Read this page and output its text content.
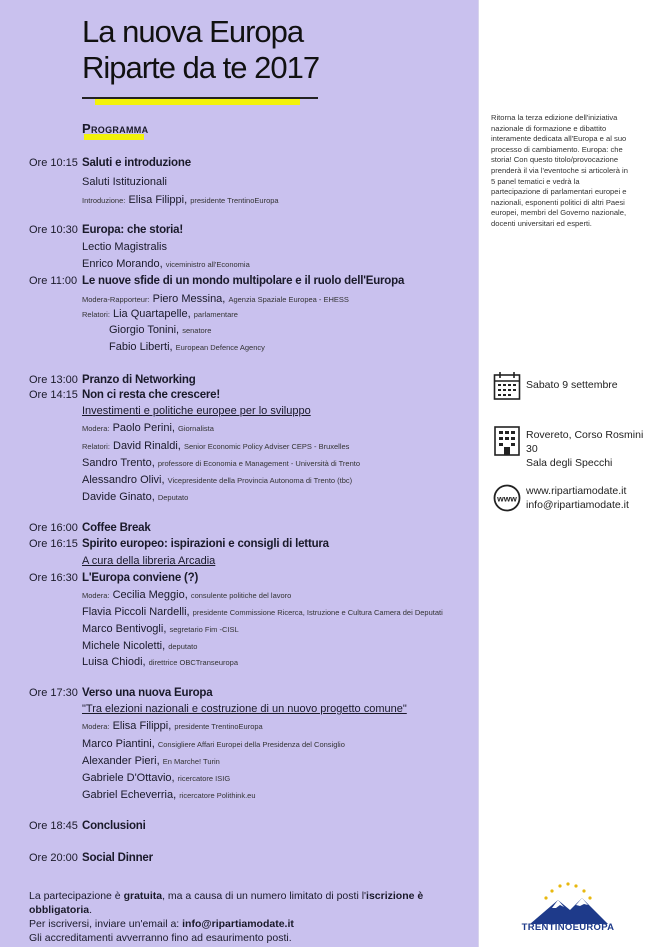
La nuova Europa
Riparte da te 2017
Programma
Ore 10:15 Saluti e introduzione
Saluti Istituzionali
Introduzione: Elisa Filippi, presidente TrentinoEuropa
Ore 10:30 Europa: che storia!
Lectio Magistralis
Enrico Morando, viceministro all'Economia
Ore 11:00 Le nuove sfide di un mondo multipolare e il ruolo dell'Europa
Modera-Rapporteur: Piero Messina, Agenzia Spaziale Europea - EHESS
Relatori: Lia Quartapelle, parlamentare
Giorgio Tonini, senatore
Fabio Liberti, European Defence Agency
Ore 13:00 Pranzo di Networking
Ore 14:15 Non ci resta che crescere!
Investimenti e politiche europee per lo sviluppo
Modera: Paolo Perini, Giornalista
Relatori: David Rinaldi, Senior Economic Policy Adviser CEPS - Bruxelles
Sandro Trento, professore di Economia e Management - Università di Trento
Alessandro Olivi, Vicepresidente della Provincia Autonoma di Trento (tbc)
Davide Ginato, Deputato
Ore 16:00 Coffee Break
Ore 16:15 Spirito europeo: ispirazioni e consigli di lettura
A cura della libreria Arcadia
Ore 16:30 L'Europa conviene (?)
Modera: Cecilia Meggio, consulente politiche del lavoro
Flavia Piccoli Nardelli, presidente Commissione Ricerca, Istruzione e Cultura Camera dei Deputati
Marco Bentivogli, segretario Fim -CISL
Michele Nicoletti, deputato
Luisa Chiodi, direttrice OBCTranseuropa
Ore 17:30 Verso una nuova Europa
"Tra elezioni nazionali e costruzione di un nuovo progetto comune"
Modera: Elisa Filippi, presidente TrentinoEuropa
Marco Piantini, Consigliere Affari Europei della Presidenza del Consiglio
Alexander Pieri, En Marche! Turin
Gabriele D'Ottavio, ricercatore ISIG
Gabriel Echeverria, ricercatore Polithink.eu
Ore 18:45 Conclusioni
Ore 20:00 Social Dinner
La partecipazione è gratuita, ma a causa di un numero limitato di posti l'iscrizione è obbligatoria.
Per iscriversi, inviare un'email a: info@ripartiamodate.it
Gli accreditamenti avverranno fino ad esaurimento posti.
Ritorna la terza edizione dell'iniziativa nazionale di formazione e dibattito interamente dedicata all'Europa e al suo processo di cambiamento. Europa: che storia! Con questo titolo/provocazione prenderà il via l'eventoche si articolerà in 5 panel tematici e vedrà la partecipazione di parlamentari europei e nazionali, esponenti politici di altri Paesi europei, membri del Governo nazionale, docenti universitari ed esperti.
Sabato 9 settembre
Rovereto, Corso Rosmini 30
Sala degli Specchi
www
www.ripartiamodate.it
info@ripartiamodate.it
TRENTINOEUROPA
